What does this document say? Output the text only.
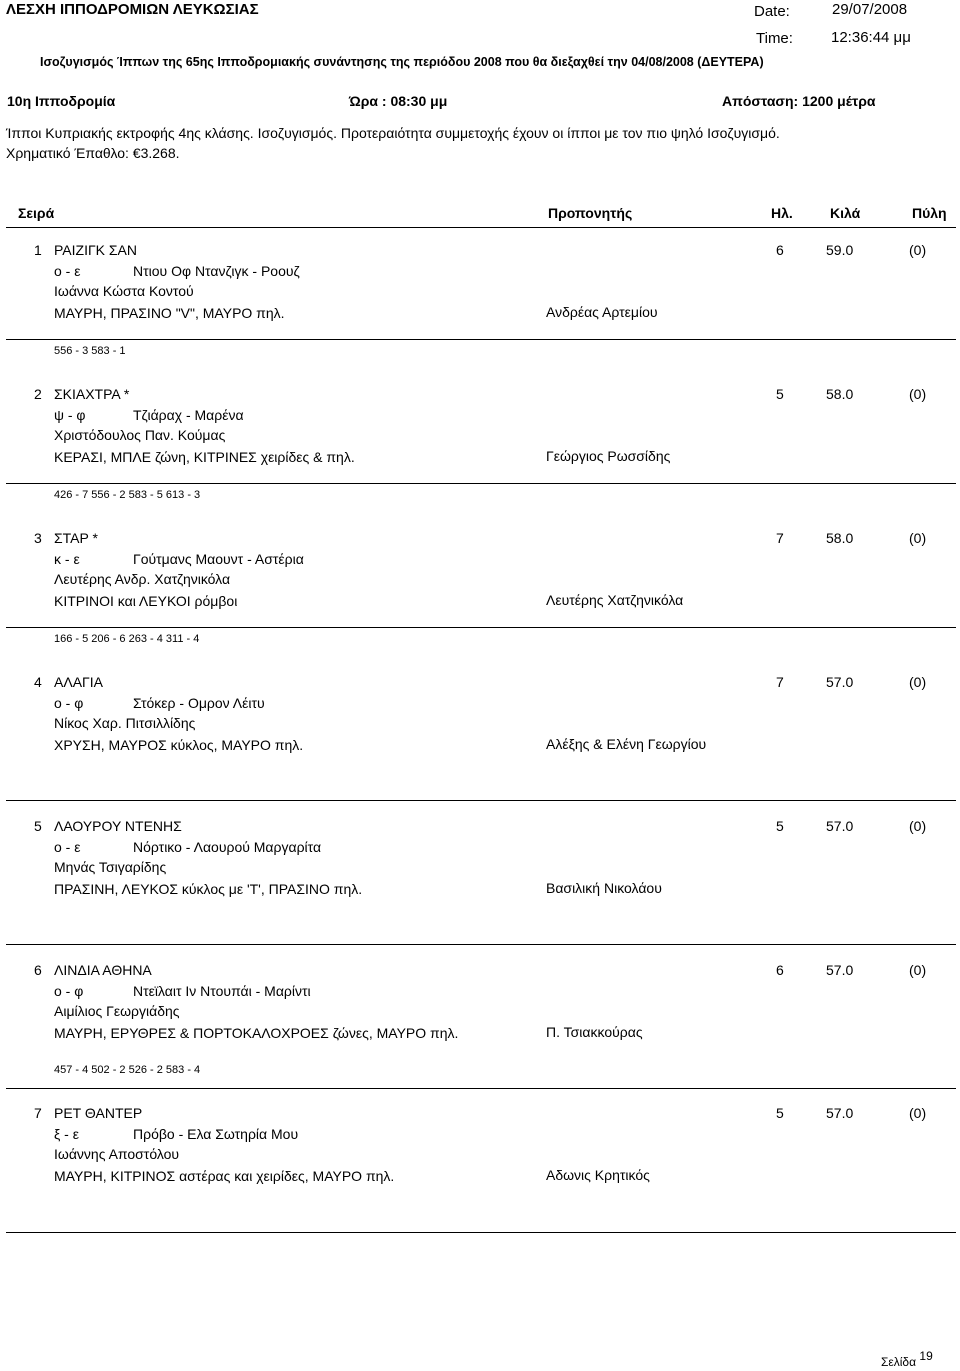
ΛΕΣΧΗ ΙΠΠΟΔΡΟΜΙΩΝ ΛΕΥΚΩΣΙΑΣ	Date:	29/07/2008
Time:	12:36:44 μμ
Ισοζυγισμός Ίππων της 65ης Ιπποδρομιακής συνάντησης της περιόδου 2008 που θα διεξαχθεί την 04/08/2008 (ΔΕΥΤΕΡΑ)
10η Ιπποδρομία	Ώρα : 08:30 μμ	Απόσταση: 1200 μέτρα
Ίπποι Κυπριακής εκτροφής 4ης κλάσης. Ισοζυγισμός. Προτεραιότητα συμμετοχής έχουν οι ίπποι με τον πιο ψηλό Ισοζυγισμό.
Χρηματικό Έπαθλο: €3.268.
Σειρά	Προπονητής	Ηλ.	Κιλά	Πύλη
1 ΡΑΙΖΙΓΚ ΣΑΝ	6	59.0	(0)
ο - ε	Ντιου Οφ Ντανζιγκ - Ροουζ
Ιωάννα Κώστα Κοντού
ΜΑΥΡΗ, ΠΡΑΣΙΝΟ "V", ΜΑΥΡΟ πηλ.	Ανδρέας Αρτεμίου
556 - 3 583 - 1
2 ΣΚΙΑΧΤΡΑ *	5	58.0	(0)
ψ - φ	Τζιάραχ - Μαρένα
Χριστόδουλος Παν. Κούμας
ΚΕΡΑΣΙ, ΜΠΛΕ ζώνη, ΚΙΤΡΙΝΕΣ χειρίδες & πηλ.	Γεώργιος Ρωσσίδης
426 - 7 556 - 2 583 - 5 613 - 3
3 ΣΤΑΡ *	7	58.0	(0)
κ - ε	Γούτμανς Μαουντ - Αστέρια
Λευτέρης Ανδρ. Χατζηνικόλα
ΚΙΤΡΙΝΟΙ και ΛΕΥΚΟΙ ρόμβοι	Λευτέρης Χατζηνικόλα
166 - 5 206 - 6 263 - 4 311 - 4
4 ΑΛΑΓΙΑ	7	57.0	(0)
ο - φ	Στόκερ - Ομρον Λέιτυ
Νίκος Χαρ. Πιτσιλλίδης
ΧΡΥΣΗ, ΜΑΥΡΟΣ κύκλος, ΜΑΥΡΟ πηλ.	Αλέξης & Ελένη Γεωργίου
5 ΛΑΟΥΡΟΥ ΝΤΕΝΗΣ	5	57.0	(0)
ο - ε	Νόρτικο - Λαουρού Μαργαρίτα
Μηνάς Τσιγαρίδης
ΠΡΑΣΙΝΗ, ΛΕΥΚΟΣ κύκλος με 'Τ', ΠΡΑΣΙΝΟ πηλ.	Βασιλική Νικολάου
6 ΛΙΝΔΙΑ ΑΘΗΝΑ	6	57.0	(0)
ο - φ	Ντεϊλαιτ Ιν Ντουπάι - Μαρίντι
Αιμίλιος Γεωργιάδης
ΜΑΥΡΗ, ΕΡΥΘΡΕΣ & ΠΟΡΤΟΚΑΛΟΧΡΟΕΣ ζώνες, ΜΑΥΡΟ πηλ.	Π. Τσιακκούρας
457 - 4 502 - 2 526 - 2 583 - 4
7 ΡΕΤ ΘΑΝΤΕΡ	5	57.0	(0)
ξ - ε	Πρόβο - Ελα Σωτηρία Μου
Ιωάννης Αποστόλου
ΜΑΥΡΗ, ΚΙΤΡΙΝΟΣ αστέρας και χειρίδες, ΜΑΥΡΟ πηλ.	Αδωνις Κρητικός
Σελίδα 19
